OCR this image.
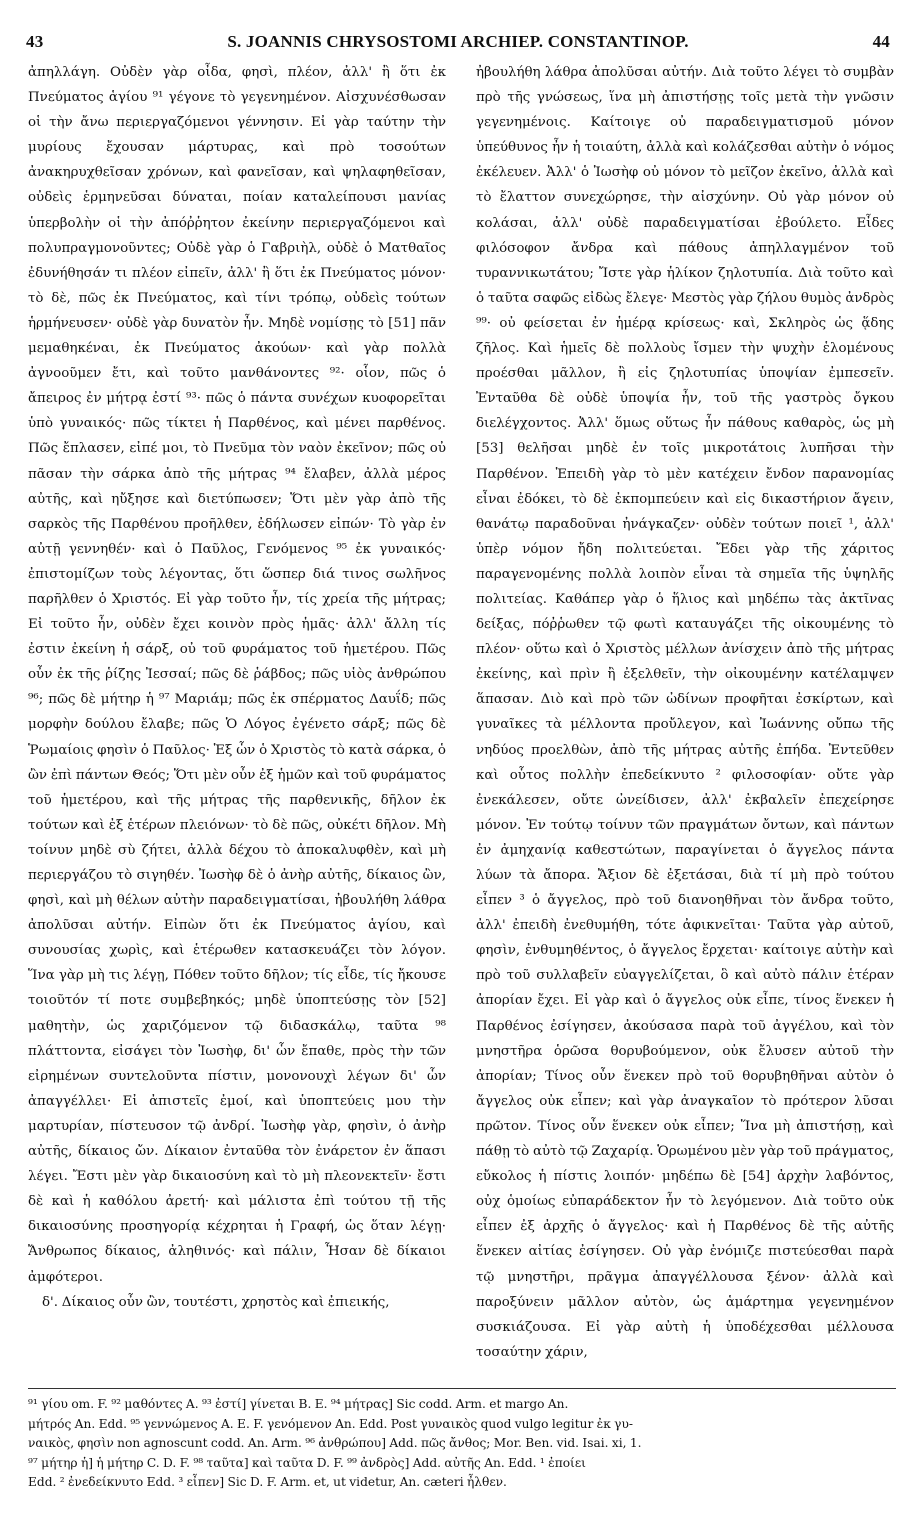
43	S. JOANNIS CHRYSOSTOMI ARCHIEP. CONSTANTINOP.	44

ἀπηλλάγη. Οὐδὲν γὰρ οἶδα, φησὶ, πλέον, ἀλλ' ἢ ὅτι ἐκ Πνεύματος ἁγίου ⁹¹ γέγονε τὸ γεγενημένον. Αἰσχυνέσθωσαν οἱ τὴν ἄνω περιεργαζόμενοι γέννησιν. Εἰ γὰρ ταύτην τὴν μυρίους ἔχουσαν μάρτυρας, καὶ πρὸ τοσούτων ἀνακηρυχθεῖσαν χρόνων, καὶ φανεῖσαν, καὶ ψηλαφηθεῖσαν, οὐδεὶς ἑρμηνεῦσαι δύναται, ποίαν καταλείπουσι μανίας ὑπερβολὴν οἱ τὴν ἀπόῤῥητον ἐκείνην περιεργαζόμενοι καὶ πολυπραγμονοῦντες; Οὐδὲ γὰρ ὁ Γαβριὴλ, οὐδὲ ὁ Ματθαῖος ἐδυνήθησάν τι πλέον εἰπεῖν, ἀλλ' ἢ ὅτι ἐκ Πνεύματος μόνον· τὸ δὲ, πῶς ἐκ Πνεύματος, καὶ τίνι τρόπῳ, οὐδεὶς τούτων ἡρμήνευσεν· οὐδὲ γὰρ δυνατὸν ἦν. Μηδὲ νομίσῃς τὸ [51] πᾶν μεμαθηκέναι, ἐκ Πνεύματος ἀκούων· καὶ γὰρ πολλὰ ἀγνοοῦμεν ἔτι, καὶ τοῦτο μανθάνοντες ⁹²· οἷον, πῶς ὁ ἄπειρος ἐν μήτρᾳ ἐστί ⁹³· πῶς ὁ πάντα συνέχων κυοφορεῖται ὑπὸ γυναικός· πῶς τίκτει ἡ Παρθένος, καὶ μένει παρθένος. Πῶς ἔπλασεν, εἰπέ μοι, τὸ Πνεῦμα τὸν ναὸν ἐκεῖνον; πῶς οὐ πᾶσαν τὴν σάρκα ἀπὸ τῆς μήτρας ⁹⁴ ἔλαβεν, ἀλλὰ μέρος αὐτῆς, καὶ ηὔξησε καὶ διετύπωσεν; Ὅτι μὲν γὰρ ἀπὸ τῆς σαρκὸς τῆς Παρθένου προῆλθεν, ἐδήλωσεν εἰπών· Τὸ γὰρ ἐν αὐτῇ γεννηθέν· καὶ ὁ Παῦλος, Γενόμενος ⁹⁵ ἐκ γυναικός· ἐπιστομίζων τοὺς λέγοντας, ὅτι ὥσπερ διά τινος σωλῆνος παρῆλθεν ὁ Χριστός. Εἰ γὰρ τοῦτο ἦν, τίς χρεία τῆς μήτρας; Εἰ τοῦτο ἦν, οὐδὲν ἔχει κοινὸν πρὸς ἡμᾶς· ἀλλ' ἄλλη τίς ἐστιν ἐκείνη ἡ σάρξ, οὐ τοῦ φυράματος τοῦ ἡμετέρου. Πῶς οὖν ἐκ τῆς ῥίζης Ἰεσσαί; πῶς δὲ ῥάβδος; πῶς υἱὸς ἀνθρώπου ⁹⁶; πῶς δὲ μήτηρ ἡ ⁹⁷ Μαριάμ; πῶς ἐκ σπέρματος Δαυΐδ; πῶς μορφὴν δούλου ἔλαβε; πῶς Ὁ Λόγος ἐγένετο σάρξ; πῶς δὲ Ῥωμαίοις φησὶν ὁ Παῦλος· Ἐξ ὧν ὁ Χριστὸς τὸ κατὰ σάρκα, ὁ ὢν ἐπὶ πάντων Θεός; Ὅτι μὲν οὖν ἐξ ἡμῶν καὶ τοῦ φυράματος τοῦ ἡμετέρου, καὶ τῆς μήτρας τῆς παρθενικῆς, δῆλον ἐκ τούτων καὶ ἐξ ἑτέρων πλειόνων· τὸ δὲ πῶς, οὐκέτι δῆλον. Μὴ τοίνυν μηδὲ σὺ ζήτει, ἀλλὰ δέχου τὸ ἀποκαλυφθὲν, καὶ μὴ περιεργάζου τὸ σιγηθέν. Ἰωσὴφ δὲ ὁ ἀνὴρ αὐτῆς, δίκαιος ὢν, φησὶ, καὶ μὴ θέλων αὐτὴν παραδειγματίσαι, ἠβουλήθη λάθρα ἀπολῦσαι αὐτήν. Εἰπὼν ὅτι ἐκ Πνεύματος ἁγίου, καὶ συνουσίας χωρὶς, καὶ ἑτέρωθεν κατασκευάζει τὸν λόγον. Ἵνα γὰρ μὴ τις λέγῃ, Πόθεν τοῦτο δῆλον; τίς εἶδε, τίς ἤκουσε τοιοῦτόν τί ποτε συμβεβηκός; μηδὲ ὑποπτεύσῃς τὸν [52] μαθητὴν, ὡς χαριζόμενον τῷ διδασκάλῳ, ταῦτα ⁹⁸ πλάττοντα, εἰσάγει τὸν Ἰωσὴφ, δι' ὧν ἔπαθε, πρὸς τὴν τῶν εἰρημένων συντελοῦντα πίστιν, μονονουχὶ λέγων δι' ὧν ἀπαγγέλλει· Εἰ ἀπιστεῖς ἐμοί, καὶ ὑποπτεύεις μου τὴν μαρτυρίαν, πίστευσον τῷ ἀνδρί. Ἰωσὴφ γὰρ, φησὶν, ὁ ἀνὴρ αὐτῆς, δίκαιος ὤν. Δίκαιον ἐνταῦθα τὸν ἐνάρετον ἐν ἅπασι λέγει. Ἔστι μὲν γὰρ δικαιοσύνη καὶ τὸ μὴ πλεονεκτεῖν· ἔστι δὲ καὶ ἡ καθόλου ἀρετή· καὶ μάλιστα ἐπὶ τούτου τῇ τῆς δικαιοσύνης προσηγορίᾳ κέχρηται ἡ Γραφή, ὡς ὅταν λέγῃ· Ἄνθρωπος δίκαιος, ἀληθινός· καὶ πάλιν, Ἦσαν δὲ δίκαιοι ἀμφότεροι.

δ'. Δίκαιος οὖν ὢν, τουτέστι, χρηστὸς καὶ ἐπιεικής,

ἠβουλήθη λάθρα ἀπολῦσαι αὐτήν. Διὰ τοῦτο λέγει τὸ συμβὰν πρὸ τῆς γνώσεως, ἵνα μὴ ἀπιστήσῃς τοῖς μετὰ τὴν γνῶσιν γεγενημένοις. Καίτοιγε οὐ παραδειγματισμοῦ μόνον ὑπεύθυνος ἦν ἡ τοιαύτη, ἀλλὰ καὶ κολάζεσθαι αὐτὴν ὁ νόμος ἐκέλευεν. Ἀλλ' ὁ Ἰωσὴφ οὐ μόνον τὸ μεῖζον ἐκεῖνο, ἀλλὰ καὶ τὸ ἔλαττον συνεχώρησε, τὴν αἰσχύνην. Οὐ γὰρ μόνον οὐ κολάσαι, ἀλλ' οὐδὲ παραδειγματίσαι ἐβούλετο. Εἶδες φιλόσοφον ἄνδρα καὶ πάθους ἀπηλλαγμένον τοῦ τυραννικωτάτου; Ἴστε γὰρ ἡλίκον ζηλοτυπία. Διὰ τοῦτο καὶ ὁ ταῦτα σαφῶς εἰδὼς ἔλεγε· Μεστὸς γὰρ ζήλου θυμὸς ἀνδρὸς ⁹⁹· οὐ φείσεται ἐν ἡμέρᾳ κρίσεως· καὶ, Σκληρὸς ὡς ᾅδης ζῆλος. Καὶ ἡμεῖς δὲ πολλοὺς ἴσμεν τὴν ψυχὴν ἑλομένους προέσθαι μᾶλλον, ἢ εἰς ζηλοτυπίας ὑποψίαν ἐμπεσεῖν. Ἐνταῦθα δὲ οὐδὲ ὑποψία ἦν, τοῦ τῆς γαστρὸς ὄγκου διελέγχοντος. Ἀλλ' ὅμως οὕτως ἦν πάθους καθαρὸς, ὡς μὴ [53] θελῆσαι μηδὲ ἐν τοῖς μικροτάτοις λυπῆσαι τὴν Παρθένον. Ἐπειδὴ γὰρ τὸ μὲν κατέχειν ἔνδον παρανομίας εἶναι ἐδόκει, τὸ δὲ ἐκπομπεύειν καὶ εἰς δικαστήριον ἄγειν, θανάτῳ παραδοῦναι ἠνάγκαζεν· οὐδὲν τούτων ποιεῖ ¹, ἀλλ' ὑπὲρ νόμον ἤδη πολιτεύεται. Ἔδει γὰρ τῆς χάριτος παραγενομένης πολλὰ λοιπὸν εἶναι τὰ σημεῖα τῆς ὑψηλῆς πολιτείας. Καθάπερ γὰρ ὁ ἥλιος καὶ μηδέπω τὰς ἀκτῖνας δείξας, πόῤῥωθεν τῷ φωτὶ καταυγάζει τῆς οἰκουμένης τὸ πλέον· οὕτω καὶ ὁ Χριστὸς μέλλων ἀνίσχειν ἀπὸ τῆς μήτρας ἐκείνης, καὶ πρὶν ἢ ἐξελθεῖν, τὴν οἰκουμένην κατέλαμψεν ἅπασαν. Διὸ καὶ πρὸ τῶν ὠδίνων προφῆται ἐσκίρτων, καὶ γυναῖκες τὰ μέλλοντα προὔλεγον, καὶ Ἰωάννης οὔπω τῆς νηδύος προελθὼν, ἀπὸ τῆς μήτρας αὐτῆς ἐπήδα. Ἐντεῦθεν καὶ οὗτος πολλὴν ἐπεδείκνυτο ² φιλοσοφίαν· οὔτε γὰρ ἐνεκάλεσεν, οὔτε ὠνείδισεν, ἀλλ' ἐκβαλεῖν ἐπεχείρησε μόνον. Ἐν τούτῳ τοίνυν τῶν πραγμάτων ὄντων, καὶ πάντων ἐν ἀμηχανίᾳ καθεστώτων, παραγίνεται ὁ ἄγγελος πάντα λύων τὰ ἄπορα. Ἄξιον δὲ ἐξετάσαι, διὰ τί μὴ πρὸ τούτου εἶπεν ³ ὁ ἄγγελος, πρὸ τοῦ διανοηθῆναι τὸν ἄνδρα τοῦτο, ἀλλ' ἐπειδὴ ἐνεθυμήθη, τότε ἀφικνεῖται· Ταῦτα γὰρ αὐτοῦ, φησὶν, ἐνθυμηθέντος, ὁ ἄγγελος ἔρχεται· καίτοιγε αὐτὴν καὶ πρὸ τοῦ συλλαβεῖν εὐαγγελίζεται, ὃ καὶ αὐτὸ πάλιν ἑτέραν ἀπορίαν ἔχει. Εἰ γὰρ καὶ ὁ ἄγγελος οὐκ εἶπε, τίνος ἕνεκεν ἡ Παρθένος ἐσίγησεν, ἀκούσασα παρὰ τοῦ ἀγγέλου, καὶ τὸν μνηστῆρα ὁρῶσα θορυβούμενον, οὐκ ἔλυσεν αὐτοῦ τὴν ἀπορίαν; Τίνος οὖν ἕνεκεν πρὸ τοῦ θορυβηθῆναι αὐτὸν ὁ ἄγγελος οὐκ εἶπεν; καὶ γὰρ ἀναγκαῖον τὸ πρότερον λῦσαι πρῶτον. Τίνος οὖν ἕνεκεν οὐκ εἶπεν; Ἵνα μὴ ἀπιστήσῃ, καὶ πάθῃ τὸ αὐτὸ τῷ Ζαχαρίᾳ. Ὁρωμένου μὲν γὰρ τοῦ πράγματος, εὔκολος ἡ πίστις λοιπόν· μηδέπω δὲ [54] ἀρχὴν λαβόντος, οὐχ ὁμοίως εὐπαράδεκτον ἦν τὸ λεγόμενον. Διὰ τοῦτο οὐκ εἶπεν ἐξ ἀρχῆς ὁ ἄγγελος· καὶ ἡ Παρθένος δὲ τῆς αὐτῆς ἕνεκεν αἰτίας ἐσίγησεν. Οὐ γὰρ ἐνόμιζε πιστεύεσθαι παρὰ τῷ μνηστῆρι, πρᾶγμα ἀπαγγέλλουσα ξένον· ἀλλὰ καὶ παροξύνειν μᾶλλον αὐτὸν, ὡς ἁμάρτημα γεγενημένον συσκιάζουσα. Εἰ γὰρ αὐτὴ ἡ ὑποδέχεσθαι μέλλουσα τοσαύτην χάριν,

⁹¹ γίου om. F. ⁹² μαθόντες A. ⁹³ ἐστί] γίνεται B. E. ⁹⁴ μήτρας] Sic codd. Arm. et margo An.

μήτρός An. Edd. ⁹⁵ γεννώμενος A. E. F. γενόμενον An. Edd. Post γυναικὸς quod vulgo legitur ἐκ γυ-

ναικὸς, φησὶν non agnoscunt codd. An. Arm. ⁹⁶ ἀνθρώπου] Add. πῶς ἄνθος; Mor. Ben. vid. Isai. xi, 1.

⁹⁷ μήτηρ ἡ] ἡ μήτηρ C. D. F. ⁹⁸ ταῦτα] καὶ ταῦτα D. F. ⁹⁹ ἀνδρὸς] Add. αὐτῆς An. Edd. ¹ ἐποίει

Edd. ² ἐνεδείκνυτο Edd. ³ εἶπεν] Sic D. F. Arm. et, ut videtur, An. cæteri ἦλθεν.
